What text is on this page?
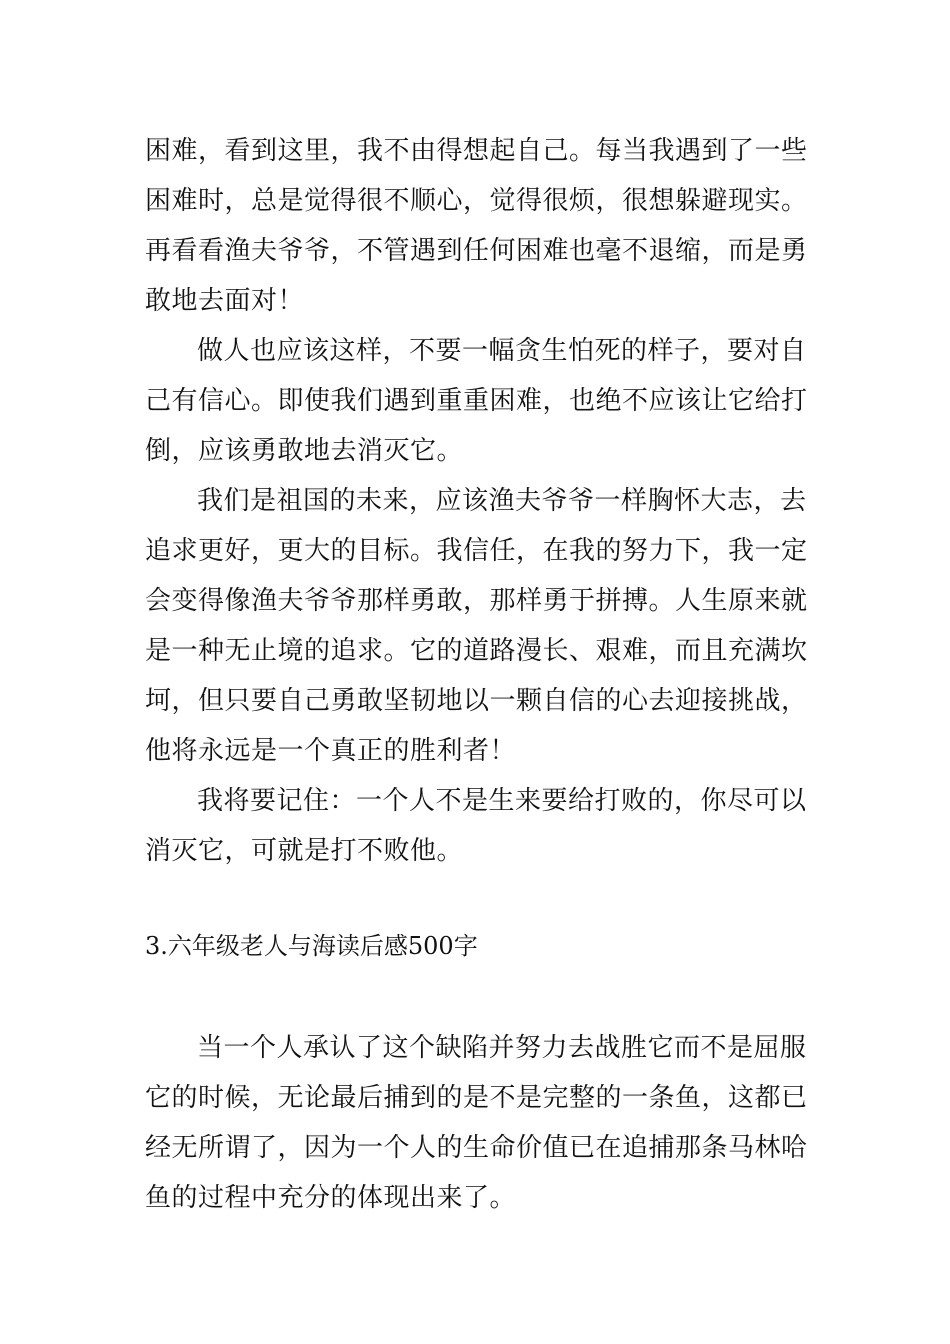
困难，看到这里，我不由得想起自己。每当我遇到了一些
困难时，总是觉得很不顺心，觉得很烦，很想躲避现实。
再看看渔夫爷爷，不管遇到任何困难也毫不退缩，而是勇
敢地去面对！
做人也应该这样，不要一幅贪生怕死的样子，要对自
己有信心。即使我们遇到重重困难，也绝不应该让它给打
倒，应该勇敢地去消灭它。
我们是祖国的未来，应该渔夫爷爷一样胸怀大志，去
追求更好，更大的目标。我信任，在我的努力下，我一定
会变得像渔夫爷爷那样勇敢，那样勇于拼搏。人生原来就
是一种无止境的追求。它的道路漫长、艰难，而且充满坎
坷，但只要自己勇敢坚韧地以一颗自信的心去迎接挑战，
他将永远是一个真正的胜利者！
我将要记住：一个人不是生来要给打败的，你尽可以
消灭它，可就是打不败他。
3.六年级老人与海读后感500字
当一个人承认了这个缺陷并努力去战胜它而不是屈服
它的时候，无论最后捕到的是不是完整的一条鱼，这都已
经无所谓了，因为一个人的生命价值已在追捕那条马林哈
鱼的过程中充分的体现出来了。
